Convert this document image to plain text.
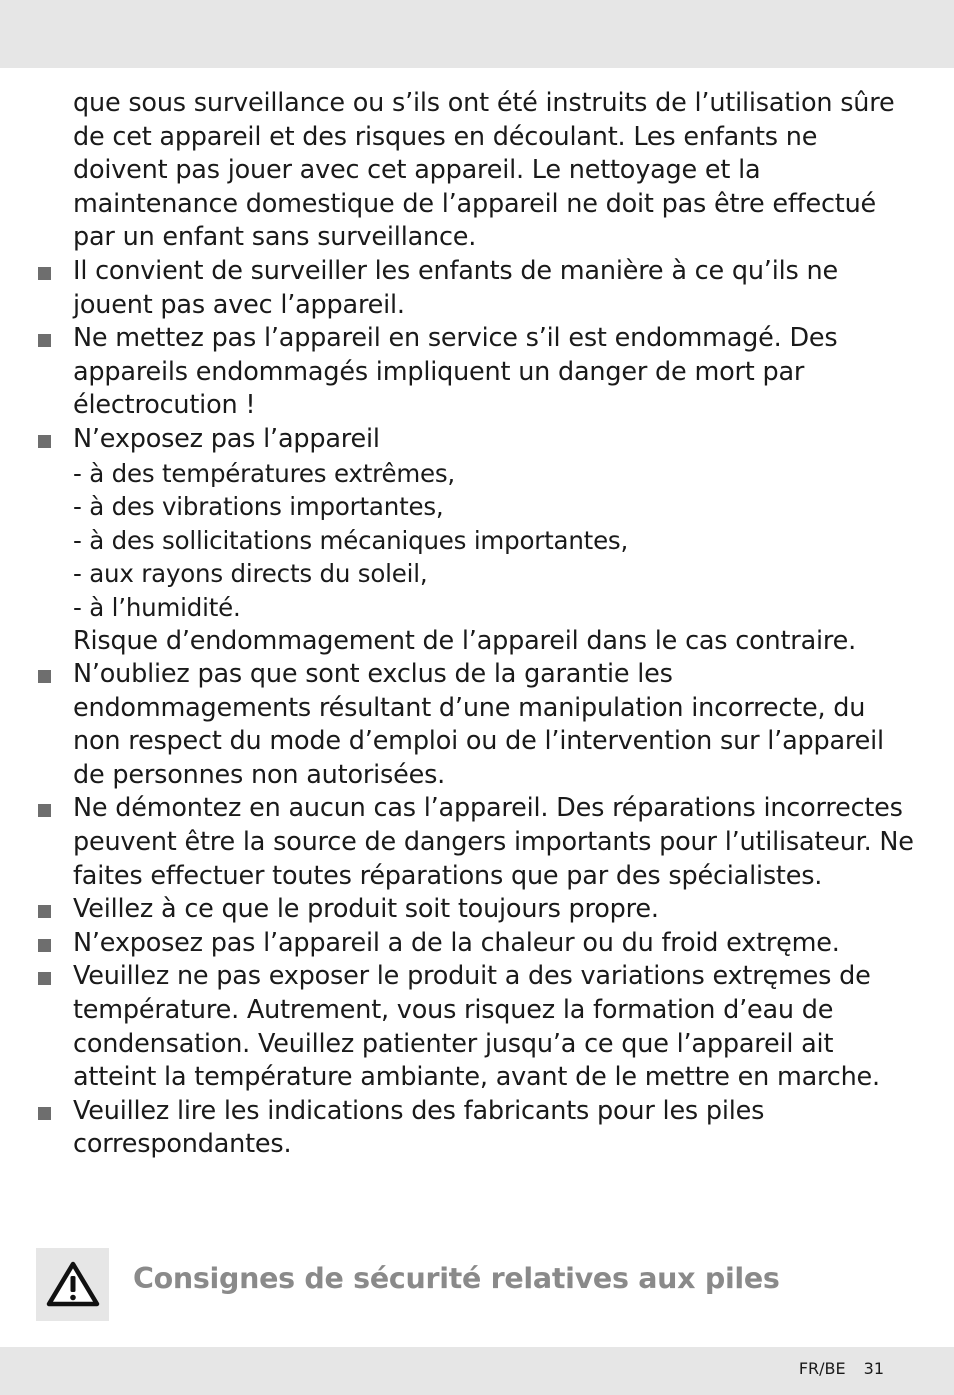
que sous surveillance ou s’ils ont été instruits de l’utilisation sûre de cet appareil et des risques en découlant. Les enfants ne doivent pas jouer avec cet appareil. Le nettoyage et la maintenance domestique de l’appareil ne doit pas être effectué par un enfant sans surveillance.

Il convient de surveiller les enfants de manière à ce qu’ils ne jouent pas avec l’appareil.

Ne mettez pas l’appareil en service s’il est endommagé. Des appareils endommagés impliquent un danger de mort par électrocution !

N’exposez pas l’appareil
- à des températures extrêmes,
- à des vibrations importantes,
- à des sollicitations mécaniques importantes,
- aux rayons directs du soleil,
- à l’humidité.
Risque d’endommagement de l’appareil dans le cas contraire.

N’oubliez pas que sont exclus de la garantie les endommagements résultant d’une manipulation incorrecte, du non respect du mode d’emploi ou de l’intervention sur l’appareil de personnes non autorisées.

Ne démontez en aucun cas l’appareil. Des réparations incorrectes peuvent être la source de dangers importants pour l’utilisateur. Ne faites effectuer toutes réparations que par des spécialistes.

Veillez à ce que le produit soit toujours propre.

N’exposez pas l’appareil a de la chaleur ou du froid extręme.

Veuillez ne pas exposer le produit a des variations extręmes de température. Autrement, vous risquez la formation d’eau de condensation. Veuillez patienter jusqu’a ce que l’appareil ait atteint la température ambiante, avant de le mettre en marche.

Veuillez lire les indications des fabricants pour les piles correspondantes.

Consignes de sécurité relatives aux piles
FR/BE 31
